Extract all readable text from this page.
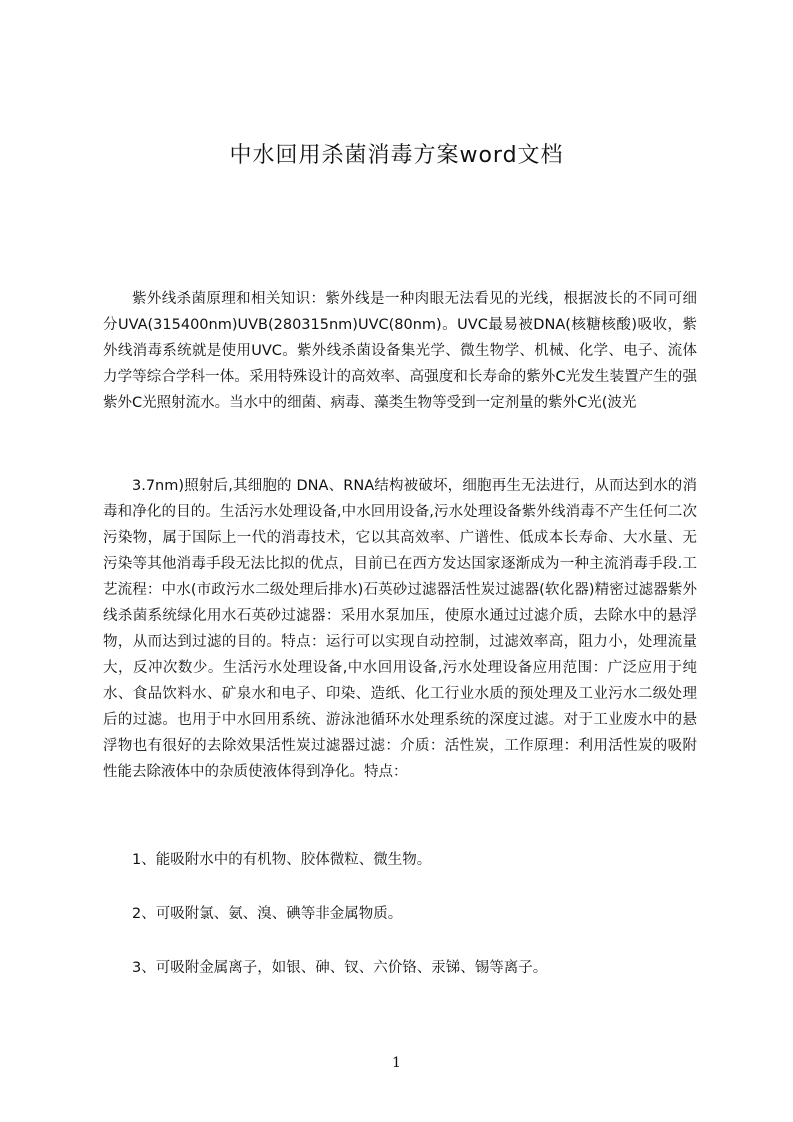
中水回用杀菌消毒方案word文档

紫外线杀菌原理和相关知识：紫外线是一种肉眼无法看见的光线，根据波长的不同可细分UVA(315400nm)UVB(280315nm)UVC(80nm)。UVC最易被DNA(核糖核酸)吸收，紫外线消毒系统就是使用UVC。紫外线杀菌设备集光学、微生物学、机械、化学、电子、流体力学等综合学科一体。采用特殊设计的高效率、高强度和长寿命的紫外C光发生装置产生的强紫外C光照射流水。当水中的细菌、病毒、藻类生物等受到一定剂量的紫外C光(波光

3.7nm)照射后,其细胞的 DNA、RNA结构被破坏，细胞再生无法进行，从而达到水的消毒和净化的目的。生活污水处理设备,中水回用设备,污水处理设备紫外线消毒不产生任何二次污染物，属于国际上一代的消毒技术，它以其高效率、广谱性、低成本长寿命、大水量、无污染等其他消毒手段无法比拟的优点，目前已在西方发达国家逐渐成为一种主流消毒手段.工艺流程：中水(市政污水二级处理后排水)石英砂过滤器活性炭过滤器(软化器)精密过滤器紫外线杀菌系统绿化用水石英砂过滤器：采用水泵加压，使原水通过过滤介质，去除水中的悬浮物，从而达到过滤的目的。特点：运行可以实现自动控制，过滤效率高，阻力小，处理流量大，反冲次数少。生活污水处理设备,中水回用设备,污水处理设备应用范围：广泛应用于纯水、食品饮料水、矿泉水和电子、印染、造纸、化工行业水质的预处理及工业污水二级处理后的过滤。也用于中水回用系统、游泳池循环水处理系统的深度过滤。对于工业废水中的悬浮物也有很好的去除效果活性炭过滤器过滤：介质：活性炭，工作原理：利用活性炭的吸附性能去除液体中的杂质使液体得到净化。特点：

1、能吸附水中的有机物、胶体微粒、微生物。

2、可吸附氯、氨、溴、碘等非金属物质。

3、可吸附金属离子，如银、砷、钗、六价铬、汞锑、锡等离子。

1
